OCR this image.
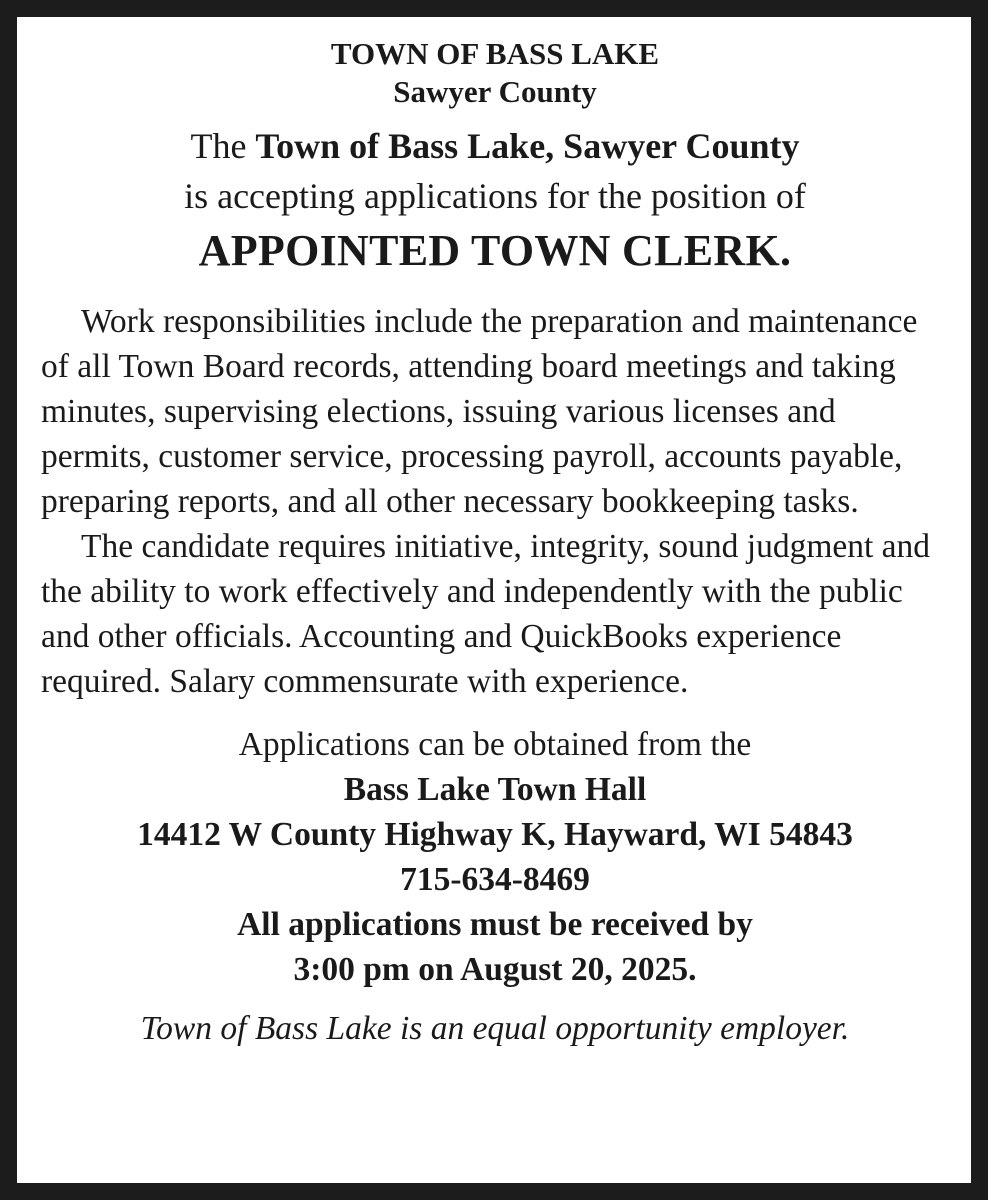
TOWN OF BASS LAKE
Sawyer County
The Town of Bass Lake, Sawyer County
is accepting applications for the position of
APPOINTED TOWN CLERK.

Work responsibilities include the preparation and maintenance of all Town Board records, attending board meetings and taking minutes, supervising elections, issuing various licenses and permits, customer service, processing payroll, accounts payable, preparing reports, and all other necessary bookkeeping tasks.

The candidate requires initiative, integrity, sound judgment and the ability to work effectively and independently with the public and other officials. Accounting and QuickBooks experience required. Salary commensurate with experience.

Applications can be obtained from the
Bass Lake Town Hall
14412 W County Highway K, Hayward, WI 54843
715-634-8469
All applications must be received by
3:00 pm on August 20, 2025.
Town of Bass Lake is an equal opportunity employer.
